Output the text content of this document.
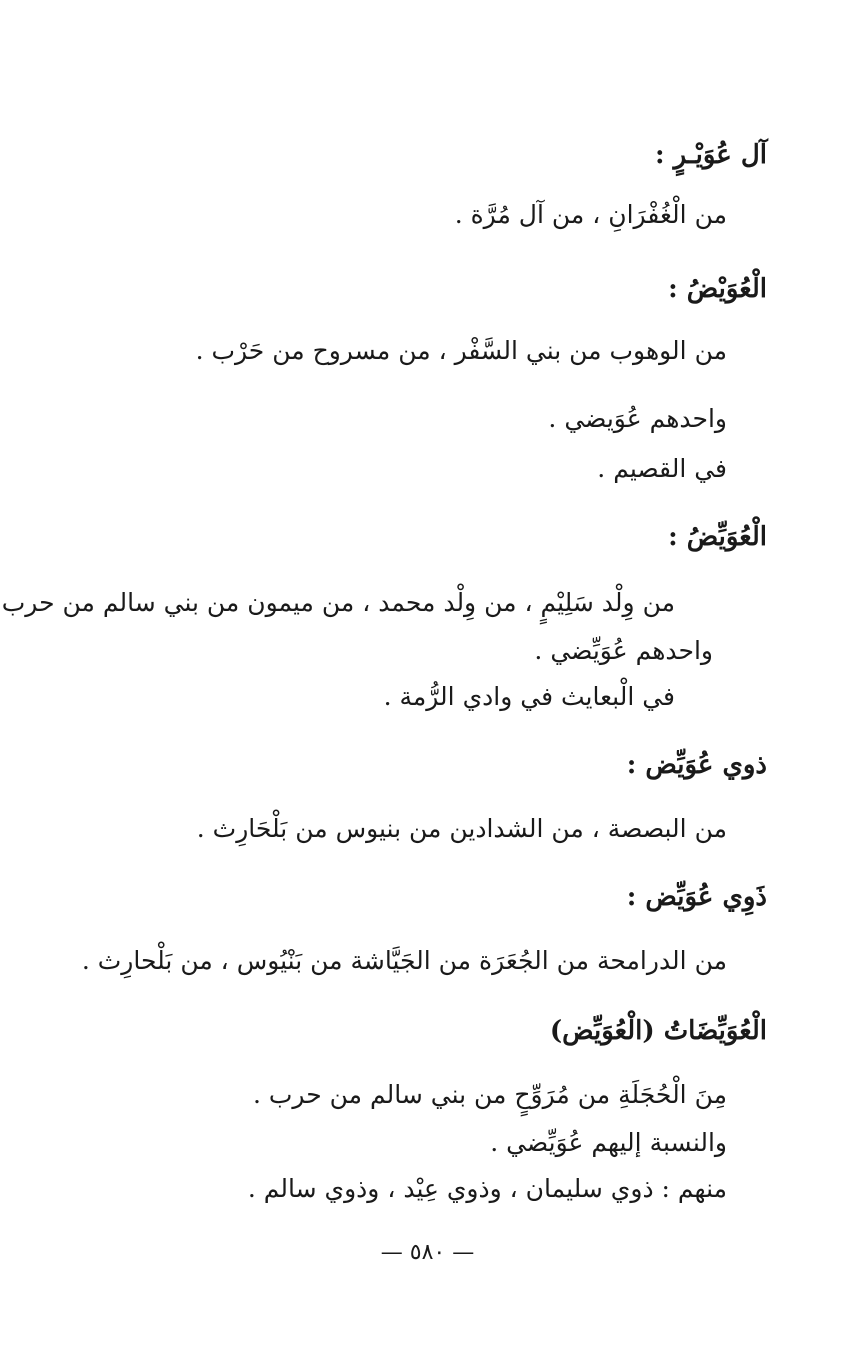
آل عُوَيْـرٍ :
من الْغُفْرَانِ ، من آل مُرَّة .
الْعُوَيْضُ :
من الوهوب من بني السَّفْر ، من مسروح من حَرْب .
واحدهم عُوَيضي .
في القصيم .
الْعُوَيِّضُ :
من وِلْد سَلِيْمٍ ، من وِلْد محمد ، من ميمون من بني سالم من حرب
واحدهم عُوَيِّضي .
في الْبعايث في وادي الرُّمة .
ذوي عُوَيِّض :
من البصصة ، من الشدادين من بنيوس من بَلْحَارِث .
ذَوِي عُوَيِّض :
من الدرامحة من الجُعَرَة من الجَيَّاشة من بَنْيُوس ، من بَلْحارِث .
الْعُوَيِّضَاتُ (الْعُوَيِّض)
مِنَ الْحُجَلَةِ من مُرَوِّحٍ من بني سالم من حرب .
والنسبة إليهم عُوَيِّضي .
منهم : ذوي سليمان ، وذوي عِيْد ، وذوي سالم .
— ٥٨٠ —
